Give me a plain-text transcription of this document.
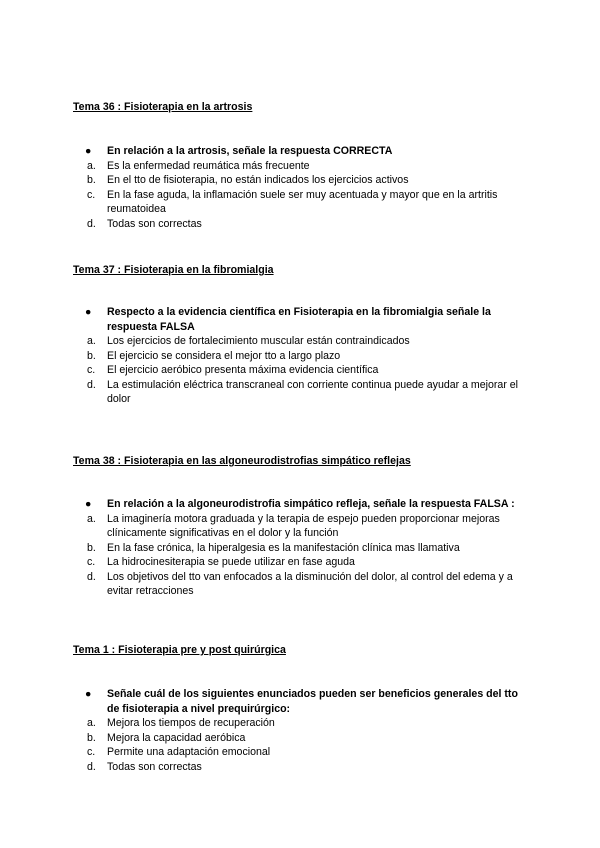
Tema 36 : Fisioterapia en la artrosis
●	En relación a la artrosis, señale la respuesta CORRECTA
a.	Es la enfermedad reumática más frecuente
b.	En el tto de fisioterapia, no están indicados los ejercicios activos
c.	En la fase aguda, la inflamación suele ser muy acentuada y mayor que en la artritis reumatoidea
d.	Todas son correctas
Tema 37 : Fisioterapia en la fibromialgia
●	Respecto a la evidencia científica en Fisioterapia en la fibromialgia señale la respuesta FALSA
a.	Los ejercicios de fortalecimiento muscular están contraindicados
b.	El ejercicio se considera el mejor tto a largo plazo
c.	El ejercicio aeróbico presenta máxima evidencia científica
d.	La estimulación eléctrica transcraneal con corriente continua puede ayudar a mejorar el dolor
Tema 38 : Fisioterapia en las algoneurodistrofias simpático reflejas
●	En relación a la algoneurodistrofia simpático refleja, señale la respuesta FALSA :
a.	La imaginería motora graduada y la terapia de espejo pueden proporcionar mejoras clínicamente significativas en el dolor y la función
b.	En la fase crónica, la hiperalgesia es la manifestación clínica mas llamativa
c.	La hidrocinesiterapia se puede utilizar en fase aguda
d.	Los objetivos del tto van enfocados a la disminución del dolor, al control del edema y a evitar retracciones
Tema 1 : Fisioterapia pre y post quirúrgica
●	Señale cuál de los siguientes enunciados pueden ser beneficios generales del tto de fisioterapia a nivel prequirúrgico:
a.	Mejora los tiempos de recuperación
b.	Mejora la capacidad aeróbica
c.	Permite una adaptación emocional
d.	Todas son correctas
